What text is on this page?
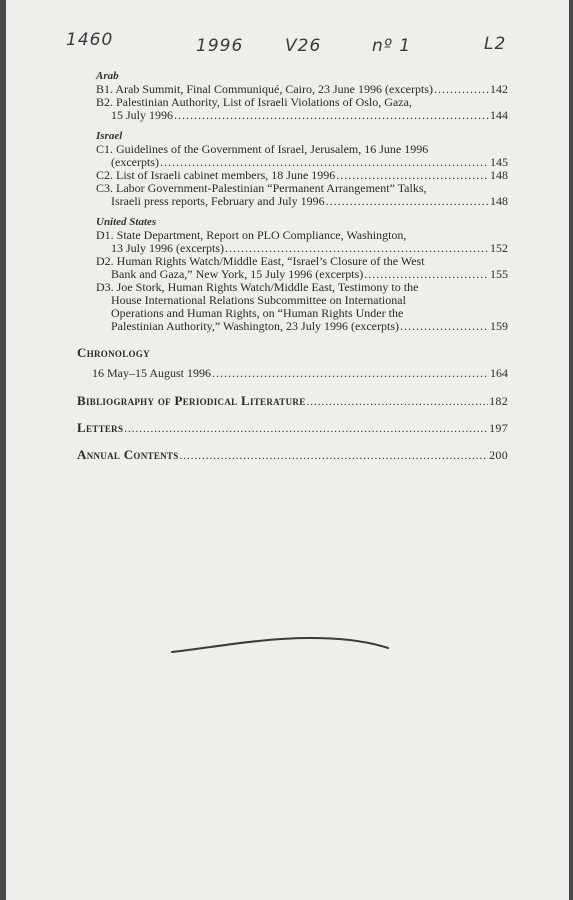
1460	1996 V26	nº 1	L2
Arab
B1. Arab Summit, Final Communiqué, Cairo, 23 June 1996 (excerpts) .....	142
B2. Palestinian Authority, List of Israeli Violations of Oslo, Gaza,
15 July 1996 .....	144
Israel
C1. Guidelines of the Government of Israel, Jerusalem, 16 June 1996
(excerpts) .....	145
C2. List of Israeli cabinet members, 18 June 1996 .....	148
C3. Labor Government-Palestinian “Permanent Arrangement” Talks,
Israeli press reports, February and July 1996 .....	148
United States
D1. State Department, Report on PLO Compliance, Washington,
13 July 1996 (excerpts) .....	152
D2. Human Rights Watch/Middle East, “Israel’s Closure of the West
Bank and Gaza,” New York, 15 July 1996 (excerpts) .....	155
D3. Joe Stork, Human Rights Watch/Middle East, Testimony to the
House International Relations Subcommittee on International
Operations and Human Rights, on “Human Rights Under the
Palestinian Authority,” Washington, 23 July 1996 (excerpts) .....	159
Chronology
16 May–15 August 1996 .....	164
Bibliography of Periodical Literature .....	182
Letters .....	197
Annual Contents .....	200
